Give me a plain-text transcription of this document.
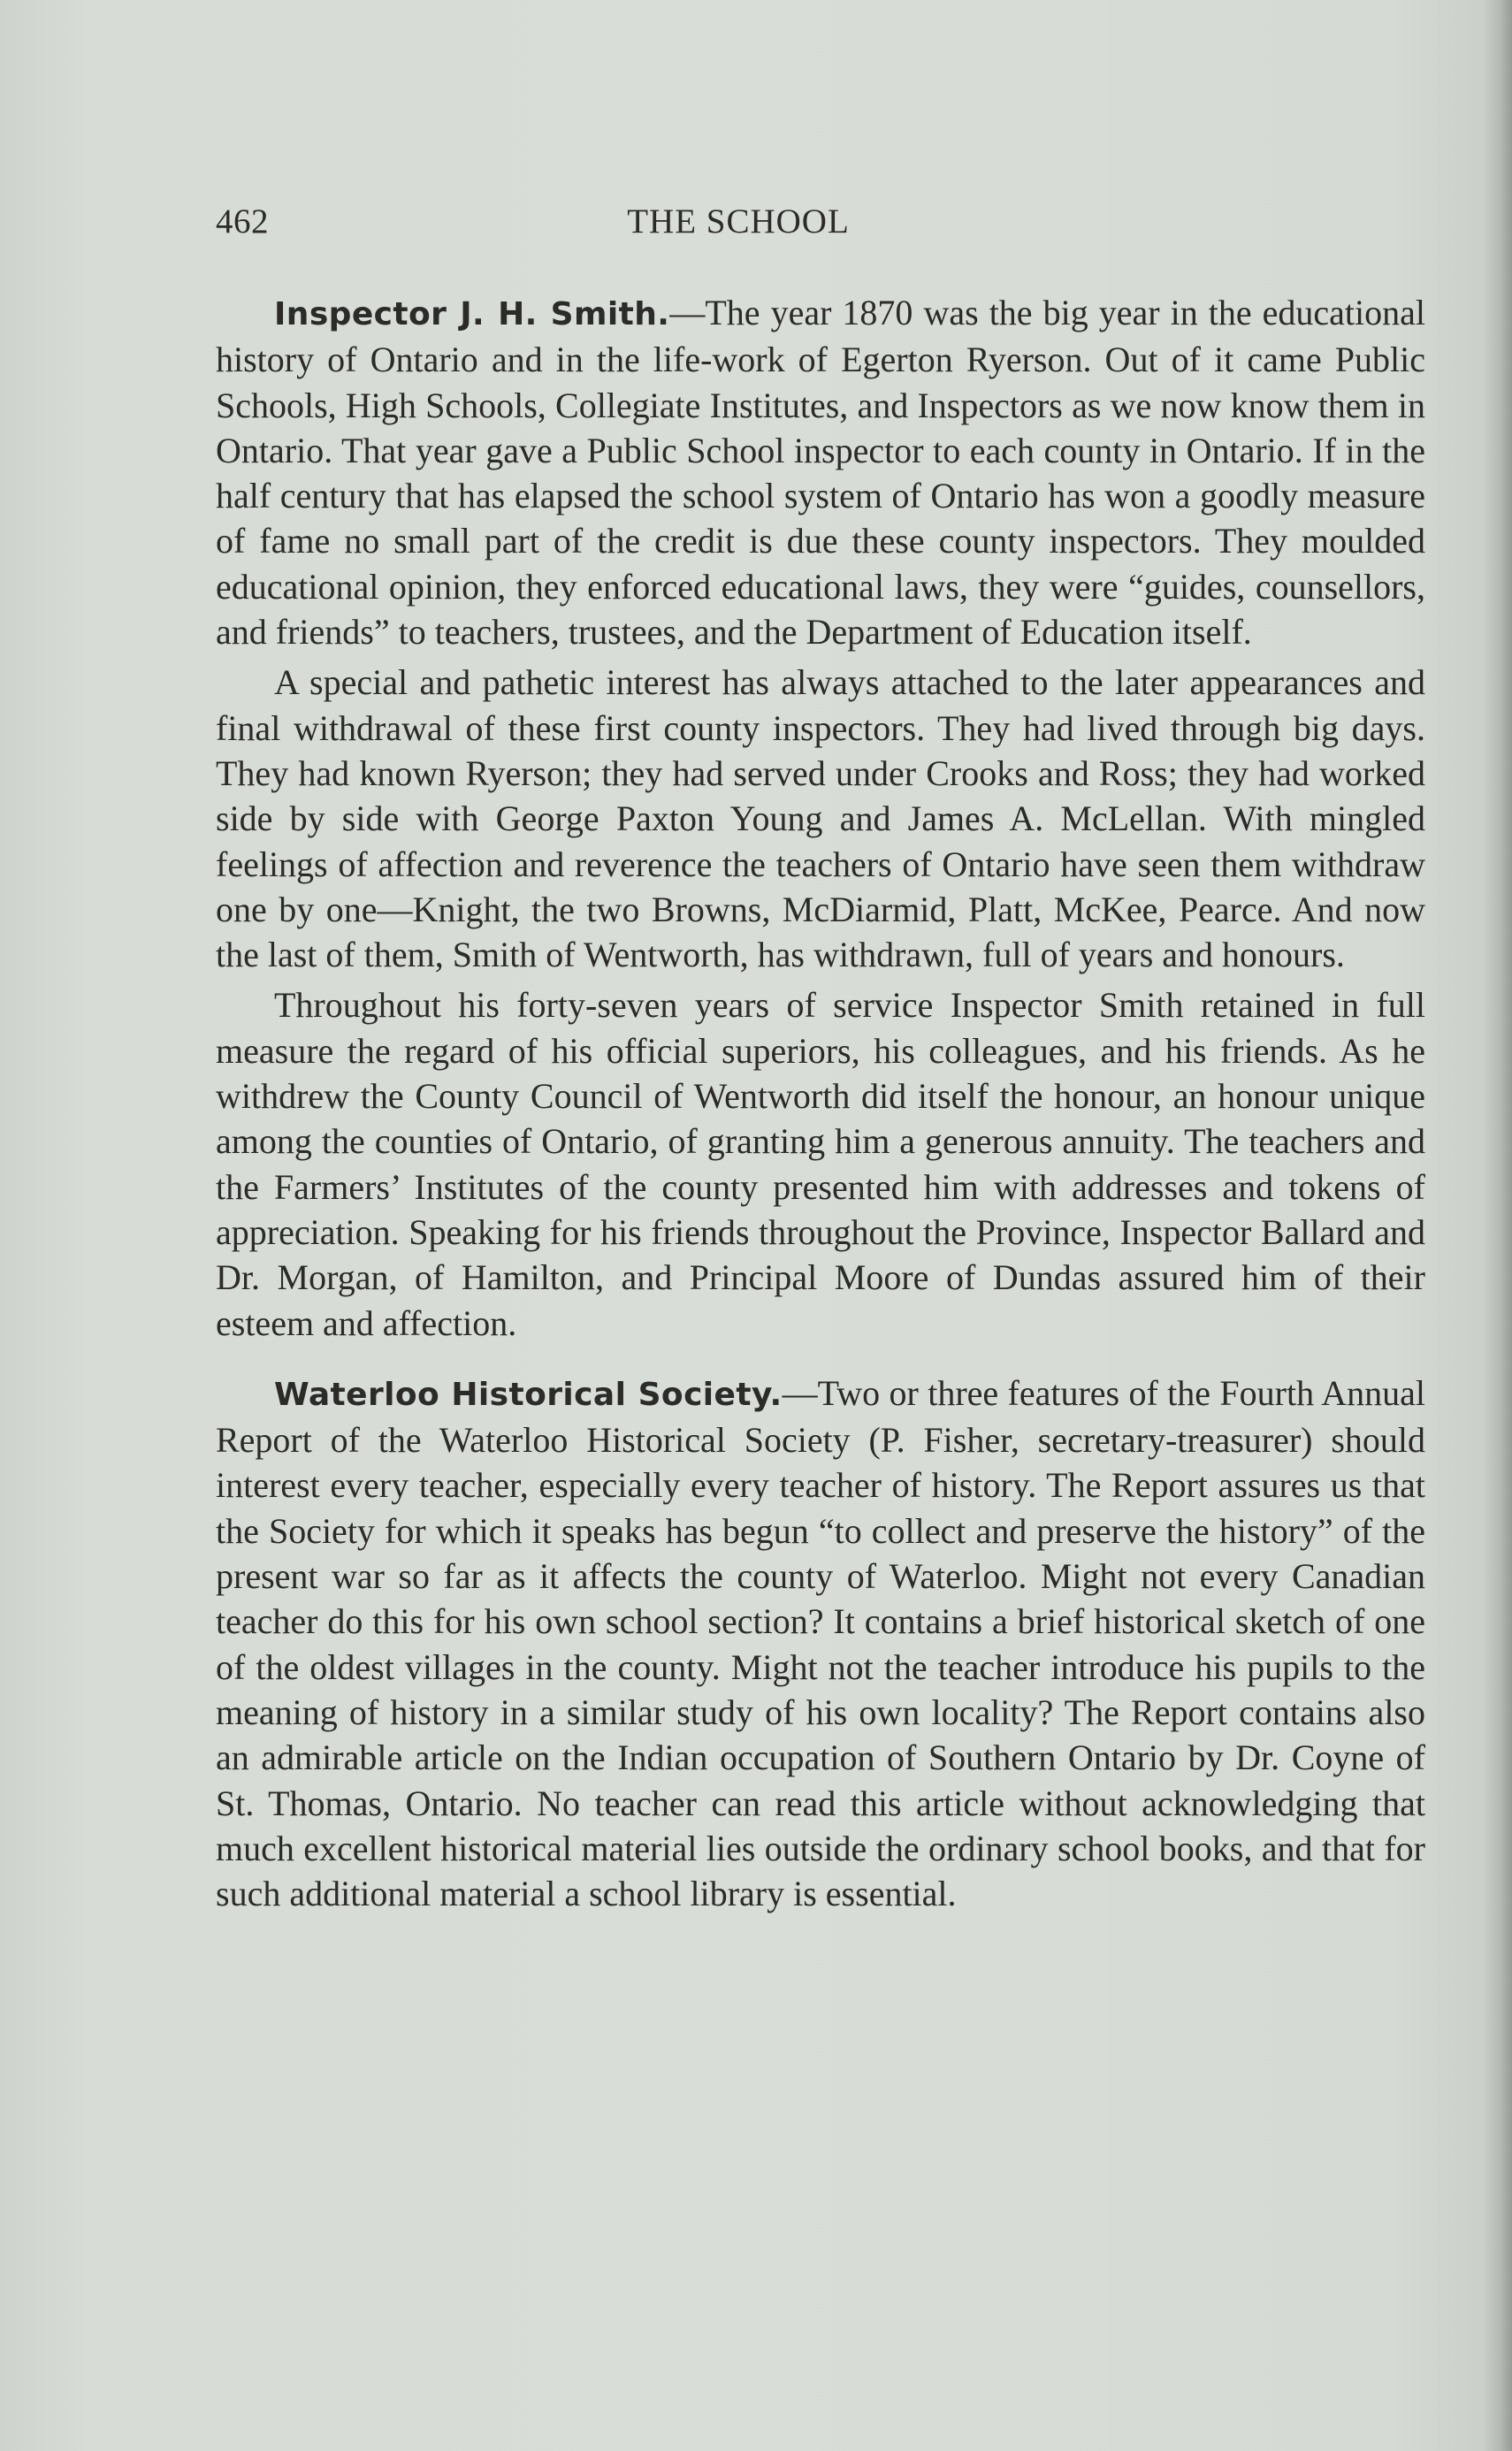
462	THE SCHOOL

Inspector J. H. Smith.—The year 1870 was the big year in the educational history of Ontario and in the life-work of Egerton Ryerson. Out of it came Public Schools, High Schools, Collegiate Institutes, and Inspectors as we now know them in Ontario. That year gave a Public School inspector to each county in Ontario. If in the half century that has elapsed the school system of Ontario has won a goodly measure of fame no small part of the credit is due these county inspectors. They moulded educational opinion, they enforced educational laws, they were “guides, counsellors, and friends” to teachers, trustees, and the Department of Education itself.

A special and pathetic interest has always attached to the later appearances and final withdrawal of these first county inspectors. They had lived through big days. They had known Ryerson; they had served under Crooks and Ross; they had worked side by side with George Paxton Young and James A. McLellan. With mingled feelings of affection and reverence the teachers of Ontario have seen them withdraw one by one—Knight, the two Browns, McDiarmid, Platt, McKee, Pearce. And now the last of them, Smith of Wentworth, has withdrawn, full of years and honours.

Throughout his forty-seven years of service Inspector Smith retained in full measure the regard of his official superiors, his colleagues, and his friends. As he withdrew the County Council of Wentworth did itself the honour, an honour unique among the counties of Ontario, of granting him a generous annuity. The teachers and the Farmers’ Institutes of the county presented him with addresses and tokens of appreciation. Speaking for his friends throughout the Province, Inspector Ballard and Dr. Morgan, of Hamilton, and Principal Moore of Dundas assured him of their esteem and affection.

Waterloo Historical Society.—Two or three features of the Fourth Annual Report of the Waterloo Historical Society (P. Fisher, secretary-treasurer) should interest every teacher, especially every teacher of history. The Report assures us that the Society for which it speaks has begun “to collect and preserve the history” of the present war so far as it affects the county of Waterloo. Might not every Canadian teacher do this for his own school section? It contains a brief historical sketch of one of the oldest villages in the county. Might not the teacher introduce his pupils to the meaning of history in a similar study of his own locality? The Report contains also an admirable article on the Indian occupation of Southern Ontario by Dr. Coyne of St. Thomas, Ontario. No teacher can read this article without acknowledging that much excellent historical material lies outside the ordinary school books, and that for such additional material a school library is essential.
